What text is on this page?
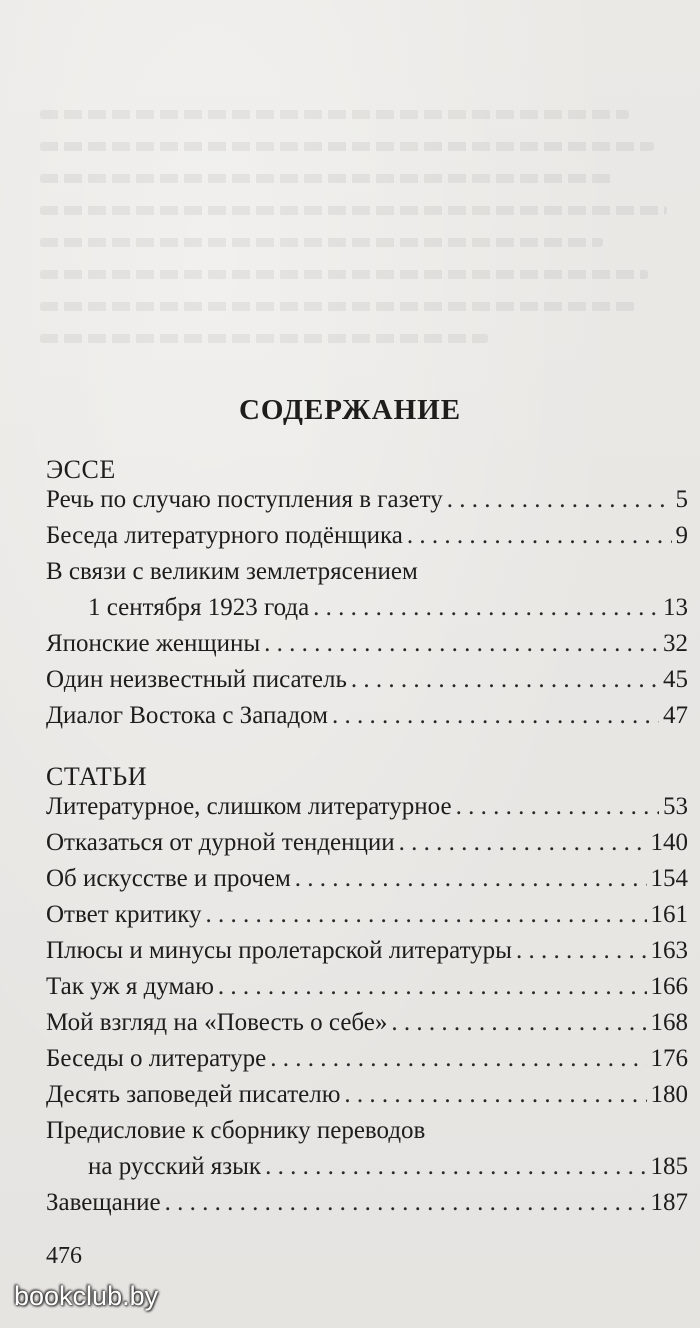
СОДЕРЖАНИЕ
ЭССЕ
Речь по случаю поступления в газету . . .	5
Беседа литературного подёнщика . . .	9
В связи с великим землетрясением
1 сентября 1923 года . . .	13
Японские женщины . . .	32
Один неизвестный писатель . . .	45
Диалог Востока с Западом . . .	47
СТАТЬИ
Литературное, слишком литературное . . .	53
Отказаться от дурной тенденции . . .	140
Об искусстве и прочем . . .	154
Ответ критику . . .	161
Плюсы и минусы пролетарской литературы . . .	163
Так уж я думаю . . .	166
Мой взгляд на «Повесть о себе» . . .	168
Беседы о литературе . . .	176
Десять заповедей писателю . . .	180
Предисловие к сборнику переводов
на русский язык . . .	185
Завещание . . .	187
476
bookclub.by
